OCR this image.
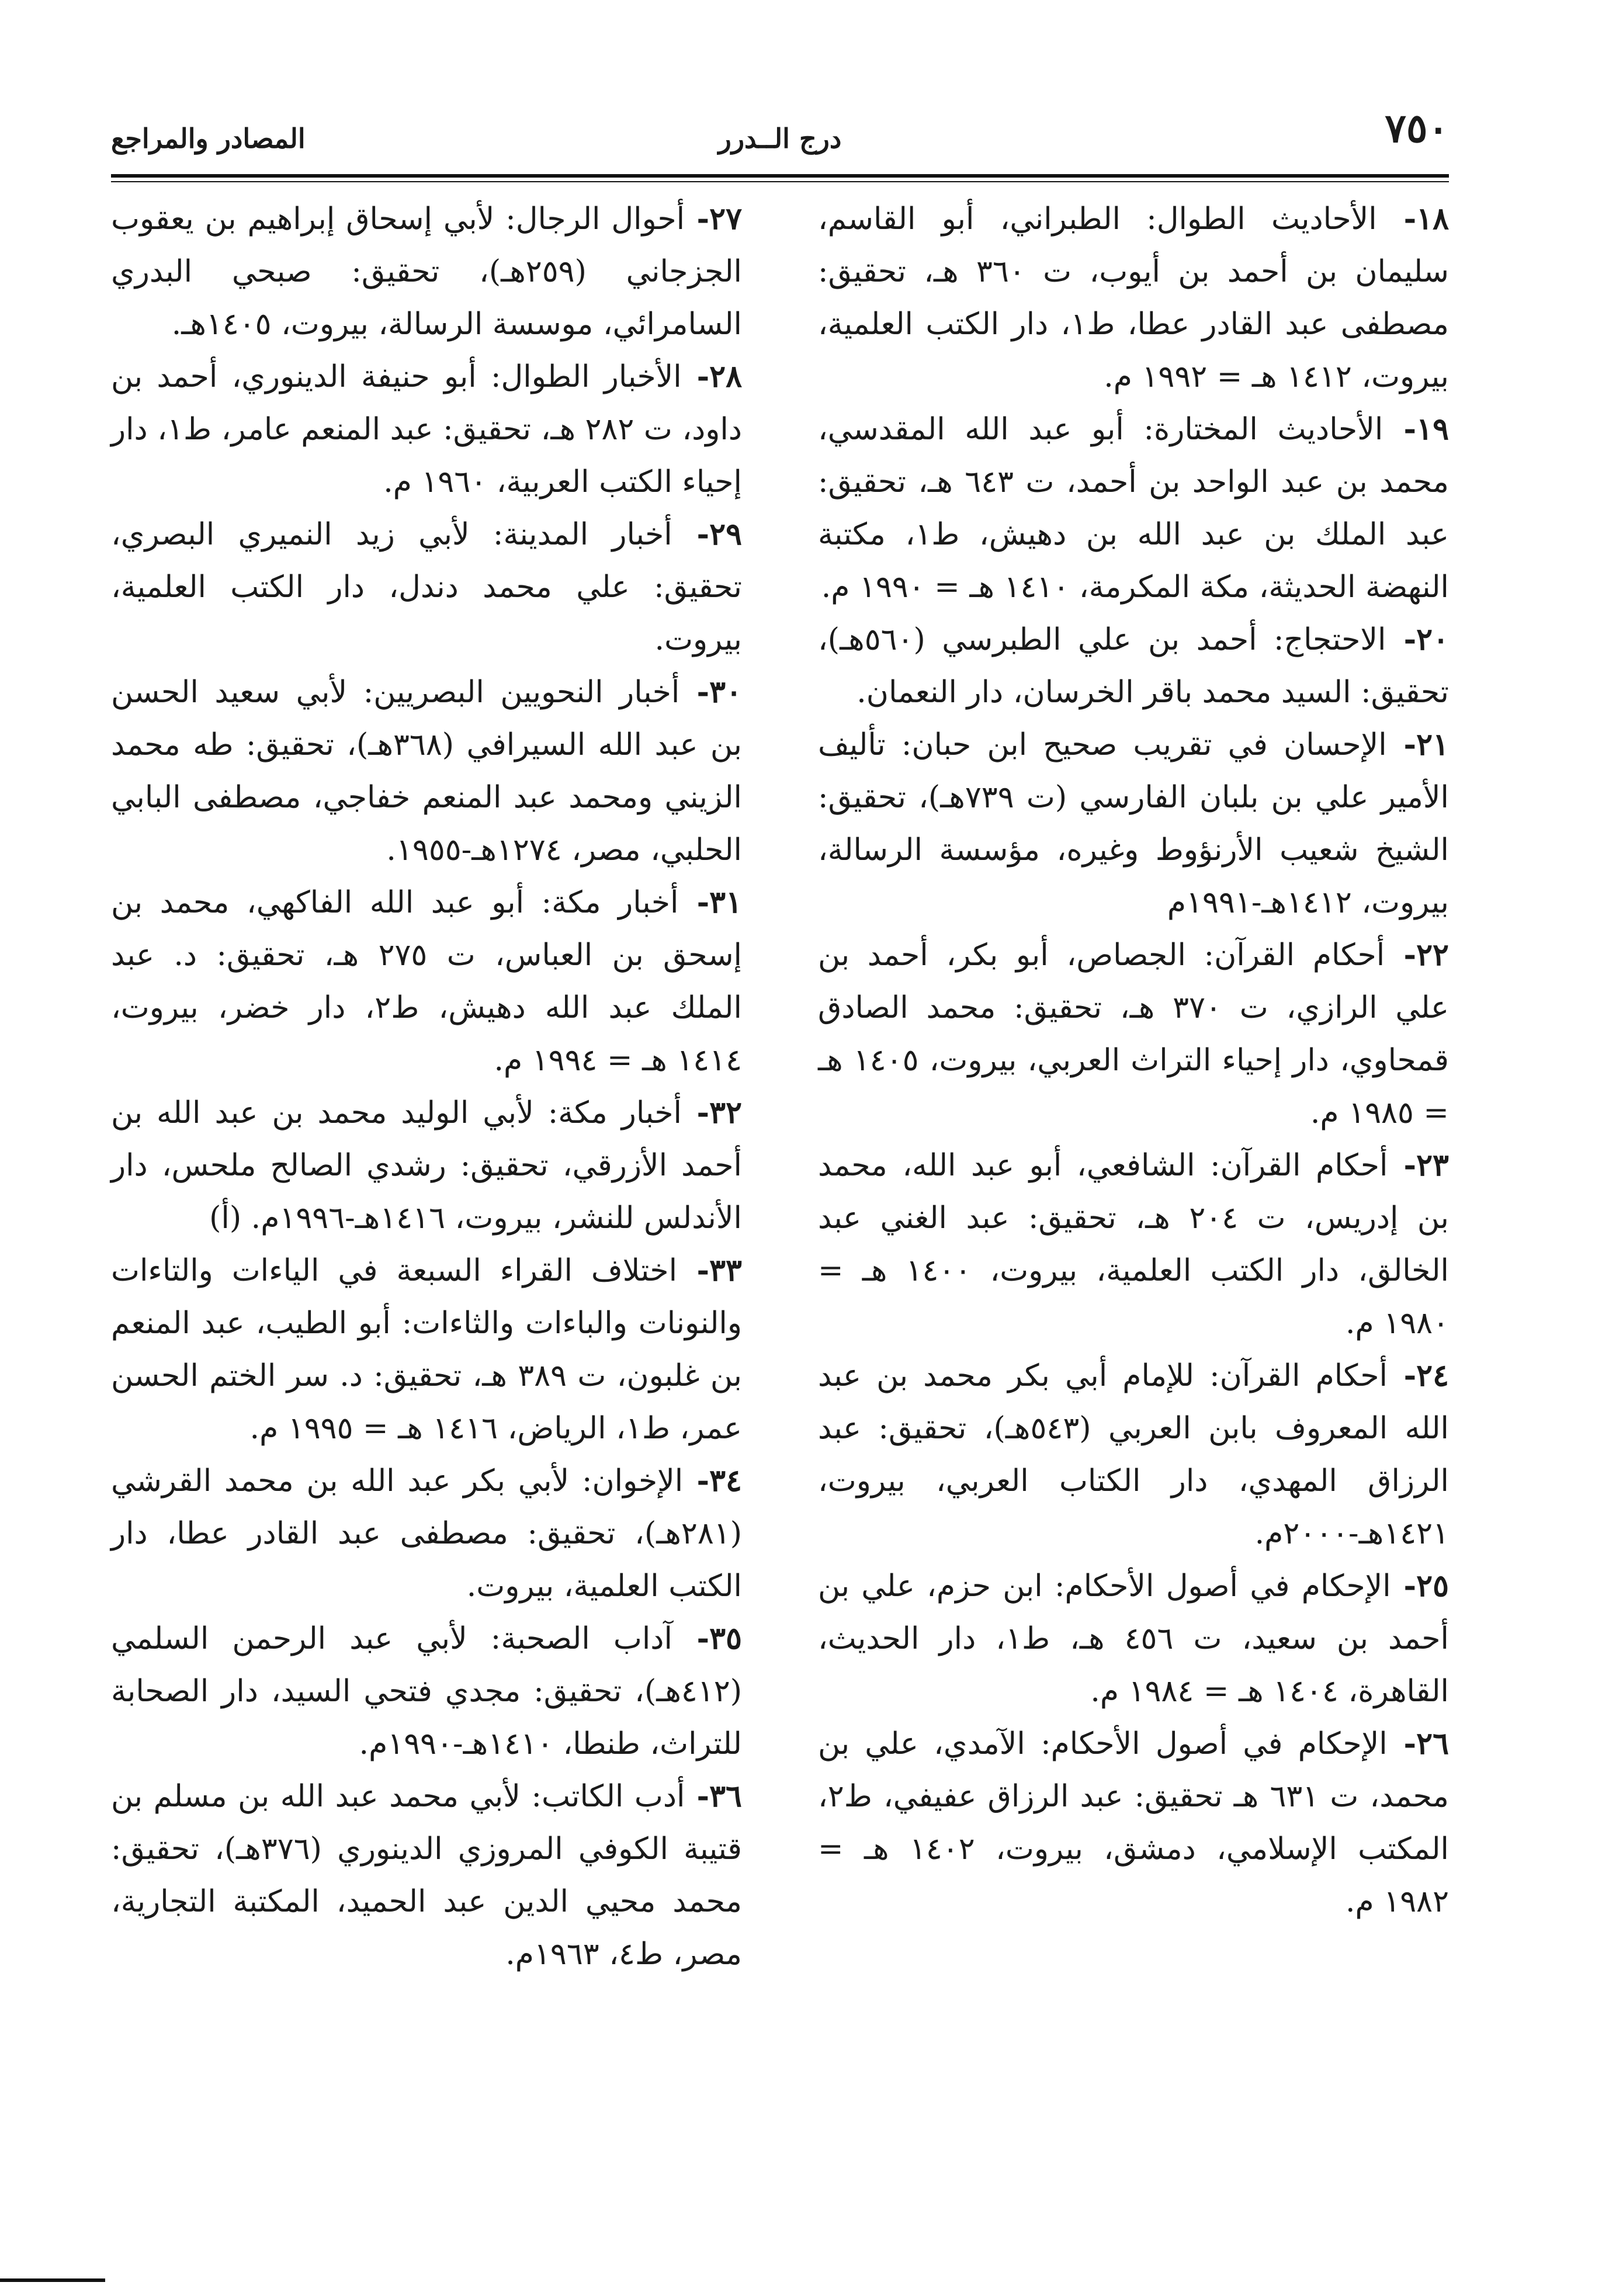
٧٥٠
درج الــدرر
المصادر والمراجع
١٨-الأحاديث الطوال: الطبراني، أبو القاسم، سليمان بن أحمد بن أيوب، ت ٣٦٠ هـ، تحقيق: مصطفى عبد القادر عطا، ط١، دار الكتب العلمية، بيروت، ١٤١٢ هـ = ١٩٩٢ م.
١٩-الأحاديث المختارة: أبو عبد الله المقدسي، محمد بن عبد الواحد بن أحمد، ت ٦٤٣ هـ، تحقيق: عبد الملك بن عبد الله بن دهيش، ط١، مكتبة النهضة الحديثة، مكة المكرمة، ١٤١٠ هـ = ١٩٩٠ م.
٢٠-الاحتجاج: أحمد بن علي الطبرسي (٥٦٠هـ)، تحقيق: السيد محمد باقر الخرسان، دار النعمان.
٢١-الإحسان في تقريب صحيح ابن حبان: تأليف الأمير علي بن بلبان الفارسي (ت ٧٣٩هـ)، تحقيق: الشيخ شعيب الأرنؤوط وغيره، مؤسسة الرسالة، بيروت، ١٤١٢هـ-١٩٩١م
٢٢-أحكام القرآن: الجصاص، أبو بكر، أحمد بن علي الرازي، ت ٣٧٠ هـ، تحقيق: محمد الصادق قمحاوي، دار إحياء التراث العربي، بيروت، ١٤٠٥ هـ = ١٩٨٥ م.
٢٣-أحكام القرآن: الشافعي، أبو عبد الله، محمد بن إدريس، ت ٢٠٤ هـ، تحقيق: عبد الغني عبد الخالق، دار الكتب العلمية، بيروت، ١٤٠٠ هـ = ١٩٨٠ م.
٢٤-أحكام القرآن: للإمام أبي بكر محمد بن عبد الله المعروف بابن العربي (٥٤٣هـ)، تحقيق: عبد الرزاق المهدي، دار الكتاب العربي، بيروت، ١٤٢١هـ-٢٠٠٠م.
٢٥-الإحكام في أصول الأحكام: ابن حزم، علي بن أحمد بن سعيد، ت ٤٥٦ هـ، ط١، دار الحديث، القاهرة، ١٤٠٤ هـ = ١٩٨٤ م.
٢٦-الإحكام في أصول الأحكام: الآمدي، علي بن محمد، ت ٦٣١ هـ تحقيق: عبد الرزاق عفيفي، ط٢، المكتب الإسلامي، دمشق، بيروت، ١٤٠٢ هـ = ١٩٨٢ م.
٢٧-أحوال الرجال: لأبي إسحاق إبراهيم بن يعقوب الجزجاني (٢٥٩هـ)، تحقيق: صبحي البدري السامرائي، موسسة الرسالة، بيروت، ١٤٠٥هـ.
٢٨-الأخبار الطوال: أبو حنيفة الدينوري، أحمد بن داود، ت ٢٨٢ هـ، تحقيق: عبد المنعم عامر، ط١، دار إحياء الكتب العربية، ١٩٦٠ م.
٢٩-أخبار المدينة: لأبي زيد النميري البصري، تحقيق: علي محمد دندل، دار الكتب العلمية، بيروت.
٣٠-أخبار النحويين البصريين: لأبي سعيد الحسن بن عبد الله السيرافي (٣٦٨هـ)، تحقيق: طه محمد الزيني ومحمد عبد المنعم خفاجي، مصطفى البابي الحلبي، مصر، ١٢٧٤هـ-١٩٥٥.
٣١-أخبار مكة: أبو عبد الله الفاكهي، محمد بن إسحق بن العباس، ت ٢٧٥ هـ، تحقيق: د. عبد الملك عبد الله دهيش، ط٢، دار خضر، بيروت، ١٤١٤ هـ = ١٩٩٤ م.
٣٢-أخبار مكة: لأبي الوليد محمد بن عبد الله بن أحمد الأزرقي، تحقيق: رشدي الصالح ملحس، دار الأندلس للنشر، بيروت، ١٤١٦هـ-١٩٩٦م. (أ)
٣٣-اختلاف القراء السبعة في الياءات والتاءات والنونات والباءات والثاءات: أبو الطيب، عبد المنعم بن غلبون، ت ٣٨٩ هـ، تحقيق: د. سر الختم الحسن عمر، ط١، الرياض، ١٤١٦ هـ = ١٩٩٥ م.
٣٤-الإخوان: لأبي بكر عبد الله بن محمد القرشي (٢٨١هـ)، تحقيق: مصطفى عبد القادر عطا، دار الكتب العلمية، بيروت.
٣٥-آداب الصحبة: لأبي عبد الرحمن السلمي (٤١٢هـ)، تحقيق: مجدي فتحي السيد، دار الصحابة للتراث، طنطا، ١٤١٠هـ-١٩٩٠م.
٣٦-أدب الكاتب: لأبي محمد عبد الله بن مسلم بن قتيبة الكوفي المروزي الدينوري (٣٧٦هـ)، تحقيق: محمد محيي الدين عبد الحميد، المكتبة التجارية، مصر، ط٤، ١٩٦٣م.
